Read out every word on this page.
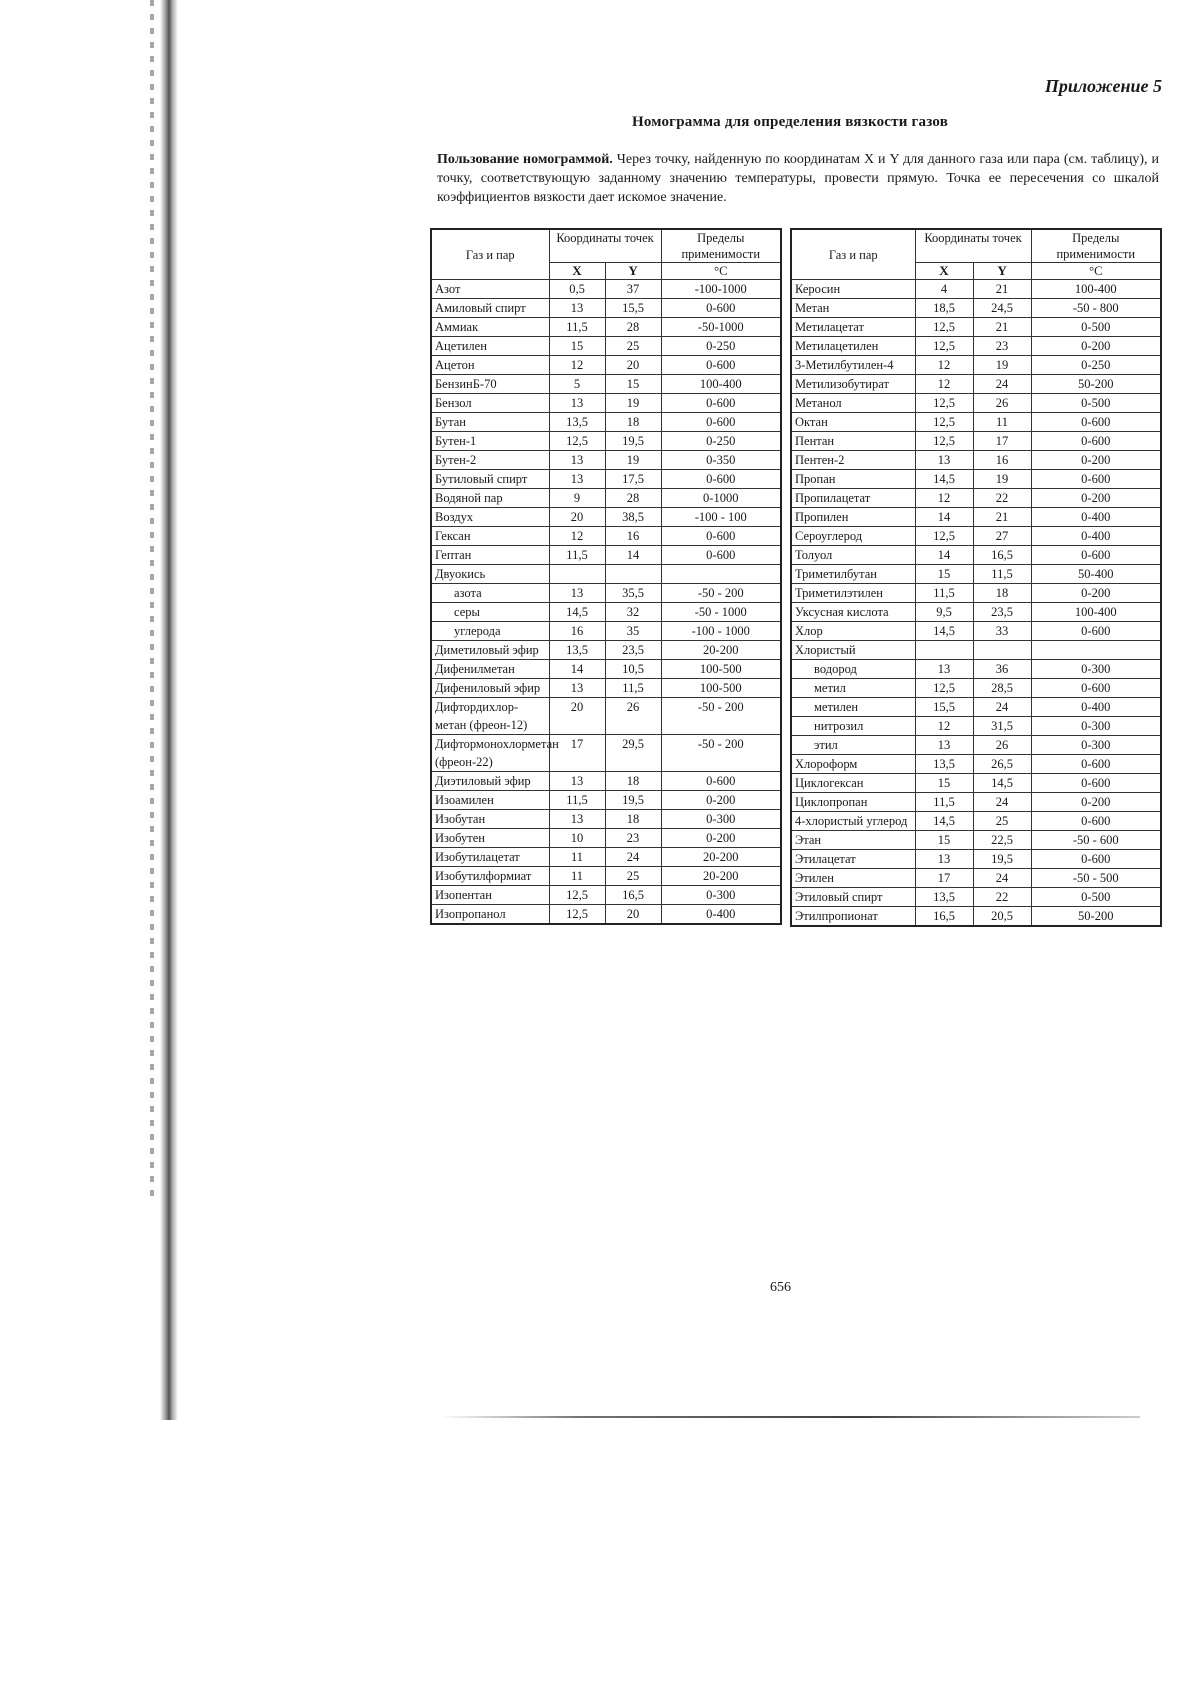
Приложение 5
Номограмма для определения вязкости газов
Пользование номограммой. Через точку, найденную по координатам X и Y для данного газа или пара (см. таблицу), и точку, соответствующую заданному значению температуры, провести прямую. Точка ее пересечения со шкалой коэффициентов вязкости дает искомое значение.
Газ и пар	Координаты точек		Пределы применимости
	X	Y	°C
Азот	0,5	37	-100-1000
Амиловый спирт	13	15,5	0-600
Аммиак	11,5	28	-50-1000
Ацетилен	15	25	0-250
Ацетон	12	20	0-600
БензинБ-70	5	15	100-400
Бензол	13	19	0-600
Бутан	13,5	18	0-600
Бутен-1	12,5	19,5	0-250
Бутен-2	13	19	0-350
Бутиловый спирт	13	17,5	0-600
Водяной пар	9	28	0-1000
Воздух	20	38,5	-100 - 100
Гексан	12	16	0-600
Гептан	11,5	14	0-600
Двуокись			
азота	13	35,5	-50 - 200
серы	14,5	32	-50 - 1000
углерода	16	35	-100 - 1000
Диметиловый эфир	13,5	23,5	20-200
Дифенилметан	14	10,5	100-500
Дифениловый эфир	13	11,5	100-500
Дифтордихлор-метан (фреон-12)	20	26	-50 - 200
Дифтормонохлорметан (фреон-22)	17	29,5	-50 - 200
Диэтиловый эфир	13	18	0-600
Изоамилен	11,5	19,5	0-200
Изобутан	13	18	0-300
Изобутен	10	23	0-200
Изобутилацетат	11	24	20-200
Изобутилформиат	11	25	20-200
Изопентан	12,5	16,5	0-300
Изопропанол	12,5	20	0-400
Газ и пар	Координаты точек		Пределы применимости
	X	Y	°C
Керосин	4	21	100-400
Метан	18,5	24,5	-50 - 800
Метилацетат	12,5	21	0-500
Метилацетилен	12,5	23	0-200
3-Метилбутилен-4	12	19	0-250
Метилизобутират	12	24	50-200
Метанол	12,5	26	0-500
Октан	12,5	11	0-600
Пентан	12,5	17	0-600
Пентен-2	13	16	0-200
Пропан	14,5	19	0-600
Пропилацетат	12	22	0-200
Пропилен	14	21	0-400
Сероуглерод	12,5	27	0-400
Толуол	14	16,5	0-600
Триметилбутан	15	11,5	50-400
Триметилэтилен	11,5	18	0-200
Уксусная кислота	9,5	23,5	100-400
Хлор	14,5	33	0-600
Хлористый			
водород	13	36	0-300
метил	12,5	28,5	0-600
метилен	15,5	24	0-400
нитрозил	12	31,5	0-300
этил	13	26	0-300
Хлороформ	13,5	26,5	0-600
Циклогексан	15	14,5	0-600
Циклопропан	11,5	24	0-200
4-хлористый углерод	14,5	25	0-600
Этан	15	22,5	-50 - 600
Этилацетат	13	19,5	0-600
Этилен	17	24	-50 - 500
Этиловый спирт	13,5	22	0-500
Этилпропионат	16,5	20,5	50-200
656
